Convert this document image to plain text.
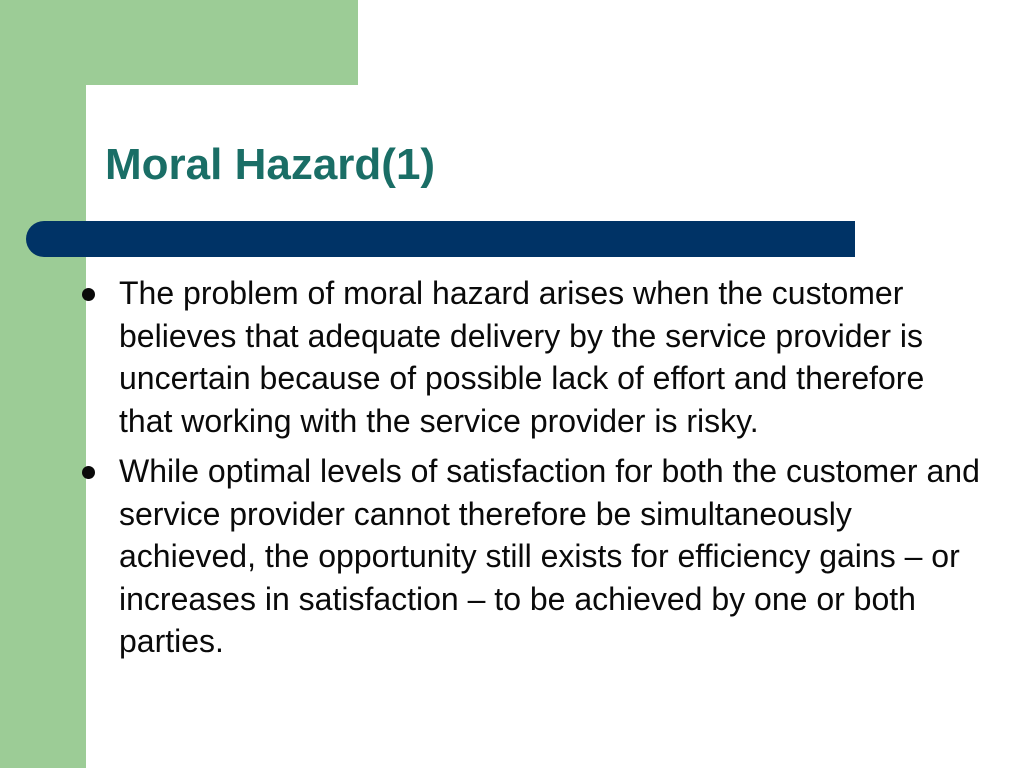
Moral Hazard(1)
The problem of moral hazard arises when the customer believes that adequate delivery by the service provider is uncertain because of possible lack of effort and therefore that working with the service provider is risky.
While optimal levels of satisfaction for both the customer and service provider cannot therefore be simultaneously achieved, the opportunity still exists for efficiency gains – or increases in satisfaction – to be achieved by one or both parties.
